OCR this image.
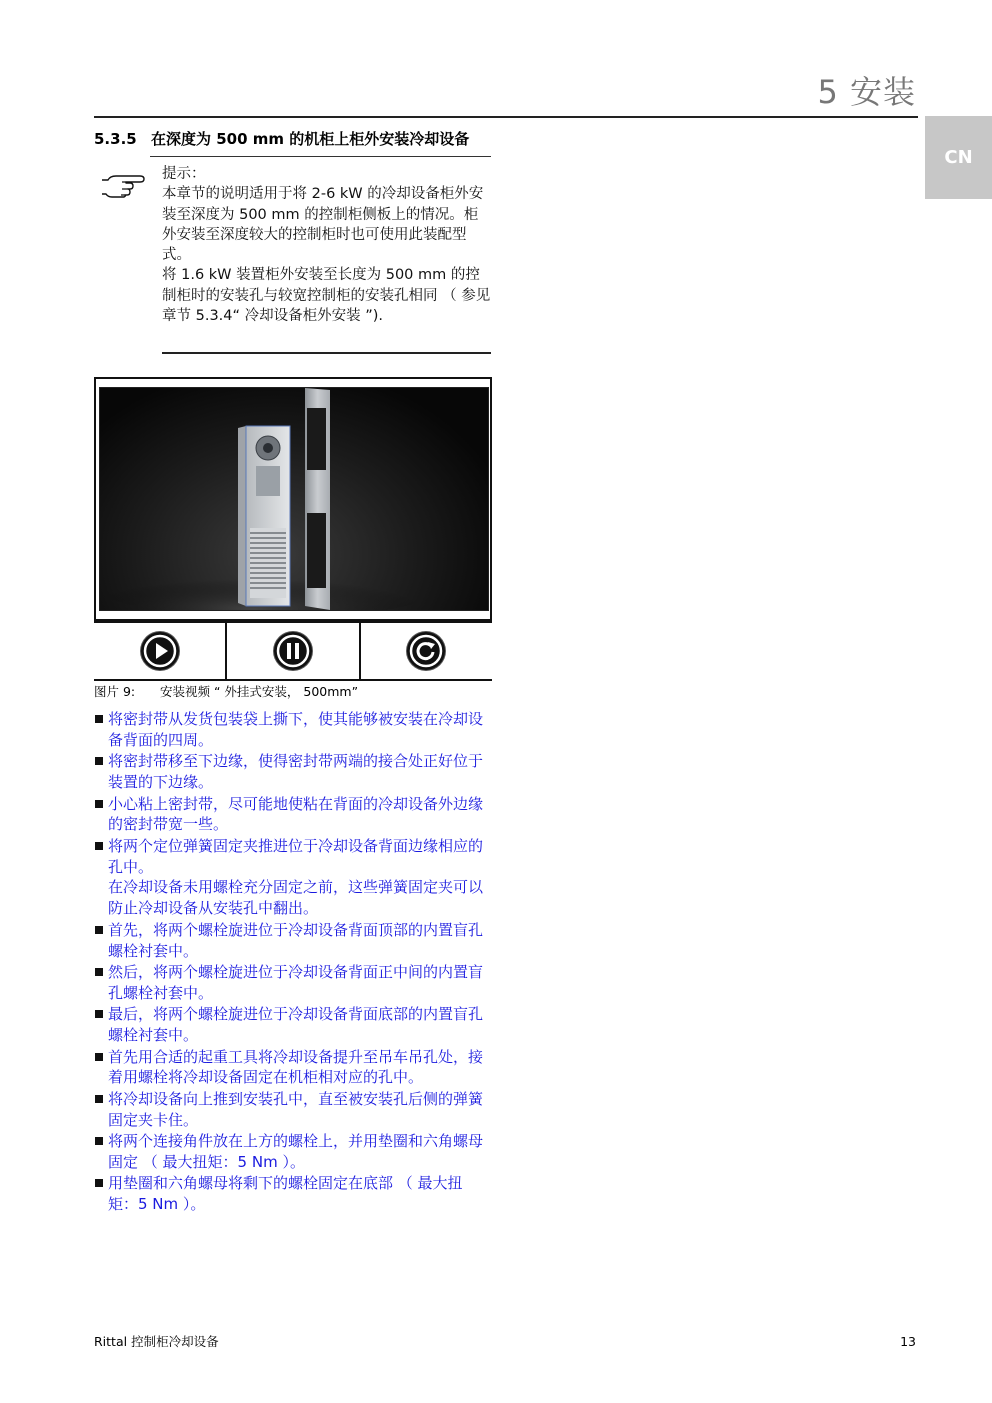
5 安装
CN
5.3.5 在深度为 500 mm 的机柜上柜外安装冷却设备

提示：

本章节的说明适用于将 2-6 kW 的冷却设备柜外安装至深度为 500 mm 的控制柜侧板上的情况。柜外安装至深度较大的控制柜时也可使用此装配型式。

将 1.6 kW 装置柜外安装至长度为 500 mm 的控制柜时的安装孔与较宽控制柜的安装孔相同 （ 参见章节 5.3.4“ 冷却设备柜外安装 ”).

图片 9: 安装视频 “ 外挂式安装， 500mm”

将密封带从发货包装袋上撕下，使其能够被安装在冷却设备背面的四周。

将密封带移至下边缘，使得密封带两端的接合处正好位于装置的下边缘。

小心粘上密封带，尽可能地使粘在背面的冷却设备外边缘的密封带宽一些。

将两个定位弹簧固定夹推进位于冷却设备背面边缘相应的孔中。

在冷却设备未用螺栓充分固定之前，这些弹簧固定夹可以防止冷却设备从安装孔中翻出。

首先，将两个螺栓旋进位于冷却设备背面顶部的内置盲孔螺栓衬套中。

然后，将两个螺栓旋进位于冷却设备背面正中间的内置盲孔螺栓衬套中。

最后，将两个螺栓旋进位于冷却设备背面底部的内置盲孔螺栓衬套中。

首先用合适的起重工具将冷却设备提升至吊车吊孔处，接着用螺栓将冷却设备固定在机柜相对应的孔中。

将冷却设备向上推到安装孔中，直至被安装孔后侧的弹簧固定夹卡住。

将两个连接角件放在上方的螺栓上，并用垫圈和六角螺母固定 （ 最大扭矩：5 Nm ）。

用垫圈和六角螺母将剩下的螺栓固定在底部 （ 最大扭矩：5 Nm ）。

Rittal 控制柜冷却设备	13
